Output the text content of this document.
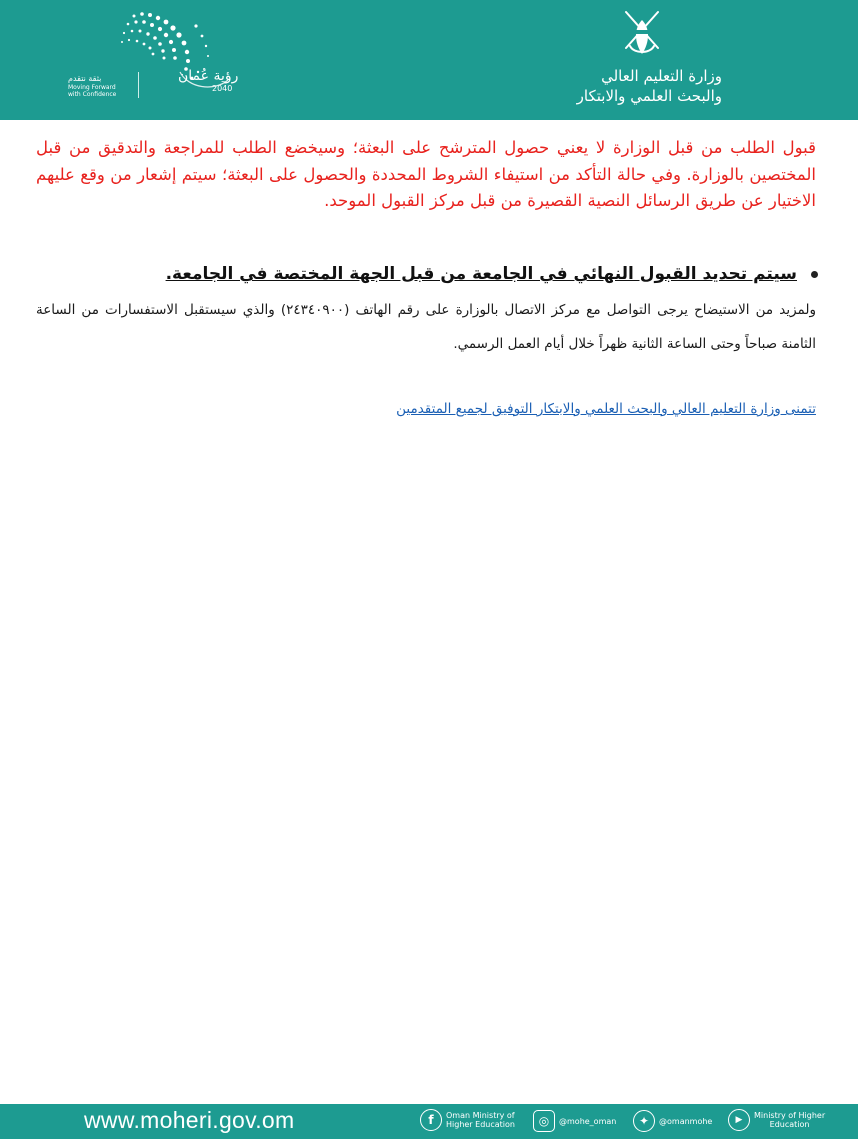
وزارة التعليم العالي
والبحث العلمي والابتكار
رؤية عُمان
2040
بثقة نتقدم
Moving Forward
with Confidence

قبول الطلب من قبل الوزارة لا يعني حصول المترشح على البعثة؛ وسيخضع الطلب للمراجعة والتدقيق من قبل المختصين بالوزارة. وفي حالة التأكد من استيفاء الشروط المحددة والحصول على البعثة؛ سيتم إشعار من وقع عليهم الاختيار عن طريق الرسائل النصية القصيرة من قبل مركز القبول الموحد.

سيتم تحديد القبول النهائي في الجامعة من قبل الجهة المختصة في الجامعة.

ولمزيد من الاستيضاح يرجى التواصل مع مركز الاتصال بالوزارة على رقم الهاتف (٢٤٣٤٠٩٠٠) والذي سيستقبل الاستفسارات من الساعة الثامنة صباحاً وحتى الساعة الثانية ظهراً خلال أيام العمل الرسمي.

تتمنى وزارة التعليم العالي والبحث العلمي والابتكار التوفيق لجميع المتقدمين
www.moheri.gov.om	f	Oman Ministry of
Higher Education	◎	@mohe_oman	✦	@omanmohe	▶	Ministry of Higher
Education
